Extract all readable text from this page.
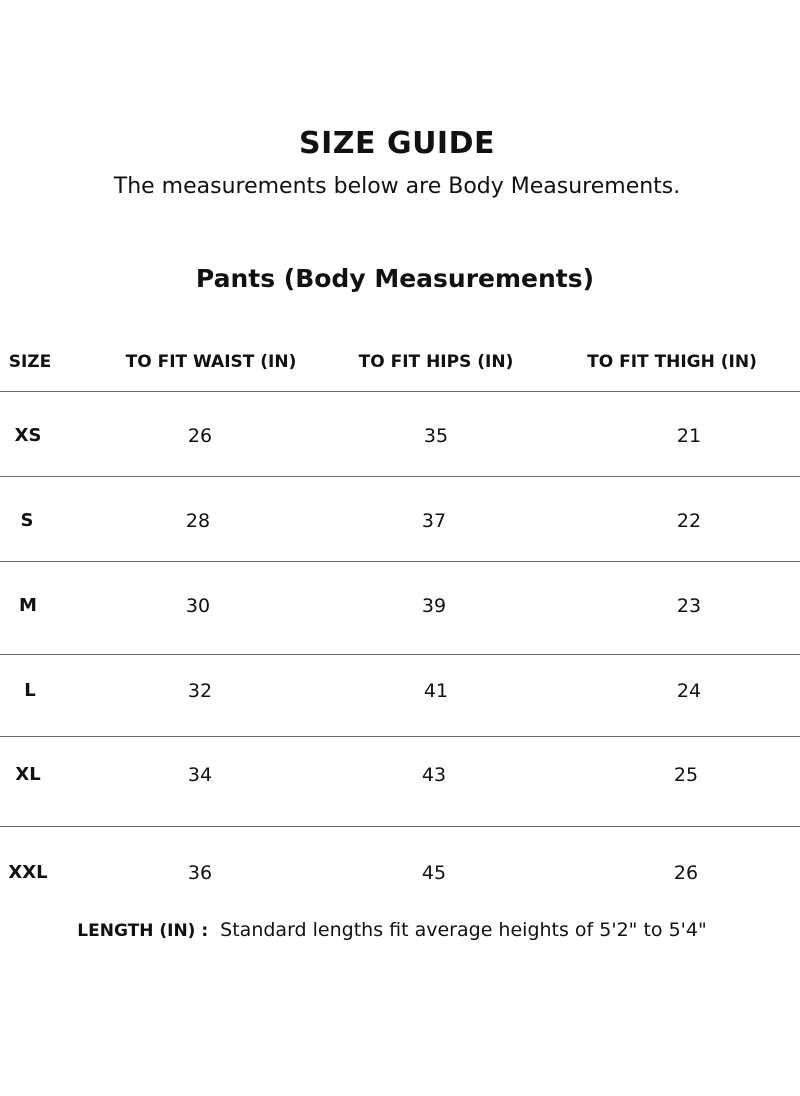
SIZE GUIDE
The measurements below are Body Measurements.
Pants (Body Measurements)
SIZE	TO FIT WAIST (IN)	TO FIT HIPS (IN)	TO FIT THIGH (IN)
XS	26	35	21
S	28	37	22
M	30	39	23
L	32	41	24
XL	34	43	25
XXL	36	45	26
LENGTH (IN) : Standard lengths fit average heights of 5'2" to 5'4"
